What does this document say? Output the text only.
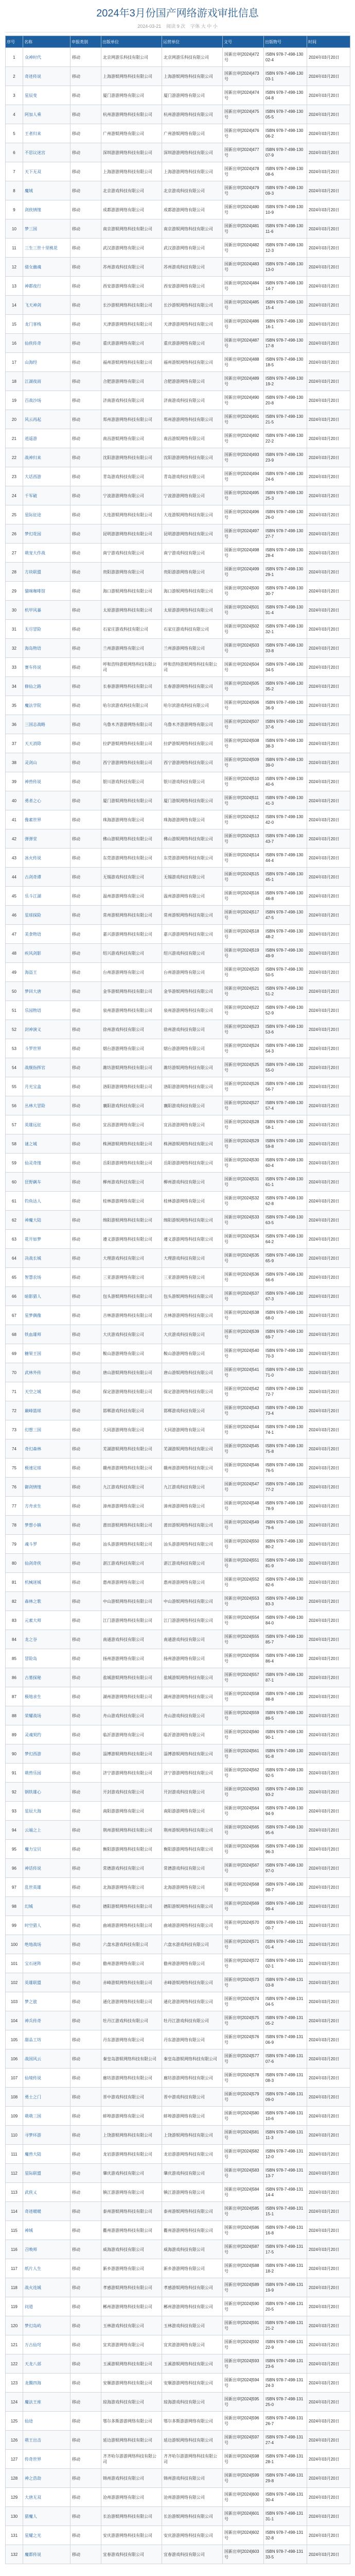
2024年3月份国产网络游戏审批信息
2024-03-21 阅读 9 次 字体 大 中 小
序号	名称	申报类别	出版单位	运营单位	文号	出版物号	时间
1	众神时代	移动	北京网游乐科技有限公司	北京网游乐科技有限公司	国新出审[2024]472号	ISBN 978-7-498-13002-4	2024年03月20日
2	奇迹传说	移动	上海游娱网络科技有限公司	上海游娱网络科技有限公司	国新出审[2024]473号	ISBN 978-7-498-13003-1	2024年03月20日
3	星辰变	移动	厦门游游网络有限公司	厦门游游网络有限公司	国新出审[2024]474号	ISBN 978-7-498-13004-8	2024年03月20日
4	阿加人乘	移动	杭州游游网络科技有限公司	杭州游游网络科技有限公司	国新出审[2024]475号	ISBN 978-7-498-13005-5	2024年03月20日
5	王者归来	移动	广州游娱网络有限公司	广州游娱网络有限公司	国新出审[2024]476号	ISBN 978-7-498-13006-2	2024年03月20日
6	不思议迷宫	移动	深圳游游网络科技有限公司	深圳游游网络科技有限公司	国新出审[2024]477号	ISBN 978-7-498-13007-9	2024年03月20日
7	天下无双	移动	上海游游网络科技有限公司	上海游游网络科技有限公司	国新出审[2024]478号	ISBN 978-7-498-13008-6	2024年03月20日
8	魔域	移动	北京游戏科技有限公司	北京游戏科技有限公司	国新出审[2024]479号	ISBN 978-7-498-13009-3	2024年03月20日
9	剑侠情缘	移动	成都游游网络有限公司	成都游游网络有限公司	国新出审[2024]480号	ISBN 978-7-498-13010-9	2024年03月20日
10	梦三国	移动	南京游娱网络科技有限公司	南京游娱网络科技有限公司	国新出审[2024]481号	ISBN 978-7-498-13011-6	2024年03月20日
11	三生三世十里桃花	移动	武汉游游网络有限公司	武汉游游网络有限公司	国新出审[2024]482号	ISBN 978-7-498-13012-3	2024年03月20日
12	倩女幽魂	移动	苏州游戏科技有限公司	苏州游戏科技有限公司	国新出审[2024]483号	ISBN 978-7-498-13013-0	2024年03月20日
13	神都夜行	移动	西安游游网络有限公司	西安游游网络有限公司	国新出审[2024]484号	ISBN 978-7-498-13014-7	2024年03月20日
14	飞天神剑	移动	长沙游娱网络科技有限公司	长沙游娱网络科技有限公司	国新出审[2024]485号	ISBN 978-7-498-13015-4	2024年03月20日
15	龙门客栈	移动	天津游游网络科技有限公司	天津游游网络科技有限公司	国新出审[2024]486号	ISBN 978-7-498-13016-1	2024年03月20日
16	仙侠传奇	移动	重庆游游网络有限公司	重庆游游网络有限公司	国新出审[2024]487号	ISBN 978-7-498-13017-8	2024年03月20日
17	山海经	移动	福州游娱网络科技有限公司	福州游娱网络科技有限公司	国新出审[2024]488号	ISBN 978-7-498-13018-5	2024年03月20日
18	江湖夜雨	移动	合肥游游网络有限公司	合肥游游网络有限公司	国新出审[2024]489号	ISBN 978-7-498-13019-2	2024年03月20日
19	百战沙场	移动	济南游戏科技有限公司	济南游戏科技有限公司	国新出审[2024]490号	ISBN 978-7-498-13020-8	2024年03月20日
20	风云再起	移动	郑州游游网络科技有限公司	郑州游游网络科技有限公司	国新出审[2024]491号	ISBN 978-7-498-13021-5	2024年03月20日
21	逍遥游	移动	南昌游娱网络有限公司	南昌游娱网络有限公司	国新出审[2024]492号	ISBN 978-7-498-13022-2	2024年03月20日
22	战神归来	移动	沈阳游游网络科技有限公司	沈阳游游网络科技有限公司	国新出审[2024]493号	ISBN 978-7-498-13023-9	2024年03月20日
23	大话西游	移动	青岛游戏科技有限公司	青岛游戏科技有限公司	国新出审[2024]494号	ISBN 978-7-498-13024-6	2024年03月20日
24	千军破	移动	宁波游游网络有限公司	宁波游游网络有限公司	国新出审[2024]495号	ISBN 978-7-498-13025-3	2024年03月20日
25	星际征途	移动	大连游娱网络科技有限公司	大连游娱网络科技有限公司	国新出审[2024]496号	ISBN 978-7-498-13026-0	2024年03月20日
26	梦幻花园	移动	昆明游游网络科技有限公司	昆明游游网络科技有限公司	国新出审[2024]497号	ISBN 978-7-498-13027-7	2024年03月20日
27	萌宠大作战	移动	南宁游戏科技有限公司	南宁游戏科技有限公司	国新出审[2024]498号	ISBN 978-7-498-13028-4	2024年03月20日
28	方块联盟	移动	贵阳游游网络有限公司	贵阳游游网络有限公司	国新出审[2024]499号	ISBN 978-7-498-13029-1	2024年03月20日
29	猫咪咖啡馆	移动	海口游娱网络科技有限公司	海口游娱网络科技有限公司	国新出审[2024]500号	ISBN 978-7-498-13030-7	2024年03月20日
30	机甲风暴	移动	太原游游网络科技有限公司	太原游游网络科技有限公司	国新出审[2024]501号	ISBN 978-7-498-13031-4	2024年03月20日
31	无尽冒险	移动	石家庄游戏科技有限公司	石家庄游戏科技有限公司	国新出审[2024]502号	ISBN 978-7-498-13032-1	2024年03月20日
32	海岛物语	移动	兰州游游网络有限公司	兰州游游网络有限公司	国新出审[2024]503号	ISBN 978-7-498-13033-8	2024年03月20日
33	赛车传说	移动	呼和浩特游娱网络科技有限公司	呼和浩特游娱网络科技有限公司	国新出审[2024]504号	ISBN 978-7-498-13034-5	2024年03月20日
34	修仙之路	移动	长春游游网络科技有限公司	长春游游网络科技有限公司	国新出审[2024]505号	ISBN 978-7-498-13035-2	2024年03月20日
35	魔法学院	移动	哈尔滨游戏科技有限公司	哈尔滨游戏科技有限公司	国新出审[2024]506号	ISBN 978-7-498-13036-9	2024年03月20日
36	三国志战略	移动	乌鲁木齐游游网络有限公司	乌鲁木齐游游网络有限公司	国新出审[2024]507号	ISBN 978-7-498-13037-6	2024年03月20日
37	天天消除	移动	拉萨游娱网络科技有限公司	拉萨游娱网络科技有限公司	国新出审[2024]508号	ISBN 978-7-498-13038-3	2024年03月20日
38	灵剑山	移动	西宁游游网络科技有限公司	西宁游游网络科技有限公司	国新出审[2024]509号	ISBN 978-7-498-13039-0	2024年03月20日
39	神兽传说	移动	银川游戏科技有限公司	银川游戏科技有限公司	国新出审[2024]510号	ISBN 978-7-498-13040-6	2024年03月20日
40	勇者之心	移动	厦门游娱网络科技有限公司	厦门游娱网络科技有限公司	国新出审[2024]511号	ISBN 978-7-498-13041-3	2024年03月20日
41	像素世界	移动	珠海游游网络有限公司	珠海游游网络有限公司	国新出审[2024]512号	ISBN 978-7-498-13042-0	2024年03月20日
42	弹弹堂	移动	佛山游娱网络科技有限公司	佛山游娱网络科技有限公司	国新出审[2024]513号	ISBN 978-7-498-13043-7	2024年03月20日
43	冰火传说	移动	东莞游游网络科技有限公司	东莞游游网络科技有限公司	国新出审[2024]514号	ISBN 978-7-498-13044-4	2024年03月20日
44	古剑奇谭	移动	无锡游戏科技有限公司	无锡游戏科技有限公司	国新出审[2024]515号	ISBN 978-7-498-13045-1	2024年03月20日
45	乐斗江湖	移动	温州游游网络有限公司	温州游游网络有限公司	国新出审[2024]516号	ISBN 978-7-498-13046-8	2024年03月20日
46	星球探险	移动	常州游娱网络科技有限公司	常州游娱网络科技有限公司	国新出审[2024]517号	ISBN 978-7-498-13047-5	2024年03月20日
47	美食物语	移动	嘉兴游游网络科技有限公司	嘉兴游游网络科技有限公司	国新出审[2024]518号	ISBN 978-7-498-13048-2	2024年03月20日
48	疾风剑影	移动	绍兴游戏科技有限公司	绍兴游戏科技有限公司	国新出审[2024]519号	ISBN 978-7-498-13049-9	2024年03月20日
49	海盗王	移动	台州游游网络有限公司	台州游游网络有限公司	国新出审[2024]520号	ISBN 978-7-498-13050-5	2024年03月20日
50	梦回大唐	移动	金华游娱网络科技有限公司	金华游娱网络科技有限公司	国新出审[2024]521号	ISBN 978-7-498-13051-2	2024年03月20日
51	乐园物语	移动	泉州游游网络科技有限公司	泉州游游网络科技有限公司	国新出审[2024]522号	ISBN 978-7-498-13052-9	2024年03月20日
52	封神演义	移动	徐州游戏科技有限公司	徐州游戏科技有限公司	国新出审[2024]523号	ISBN 978-7-498-13053-6	2024年03月20日
53	斗罗世界	移动	烟台游游网络有限公司	烟台游游网络有限公司	国新出审[2024]524号	ISBN 978-7-498-13054-3	2024年03月20日
54	战舰指挥官	移动	潍坊游娱网络科技有限公司	潍坊游娱网络科技有限公司	国新出审[2024]525号	ISBN 978-7-498-13055-0	2024年03月20日
55	月光宝盒	移动	洛阳游游网络科技有限公司	洛阳游游网络科技有限公司	国新出审[2024]526号	ISBN 978-7-498-13056-7	2024年03月20日
56	丛林大冒险	移动	襄阳游戏科技有限公司	襄阳游戏科技有限公司	国新出审[2024]527号	ISBN 978-7-498-13057-4	2024年03月20日
57	英雄远征	移动	宜昌游游网络有限公司	宜昌游游网络有限公司	国新出审[2024]528号	ISBN 978-7-498-13058-1	2024年03月20日
58	谜之城	移动	株洲游娱网络科技有限公司	株洲游娱网络科技有限公司	国新出审[2024]529号	ISBN 978-7-498-13059-8	2024年03月20日
59	仙灵奇缘	移动	岳阳游游网络科技有限公司	岳阳游游网络科技有限公司	国新出审[2024]530号	ISBN 978-7-498-13060-4	2024年03月20日
60	狂野飙车	移动	柳州游戏科技有限公司	柳州游戏科技有限公司	国新出审[2024]531号	ISBN 978-7-498-13061-1	2024年03月20日
61	钓鱼达人	移动	桂林游游网络有限公司	桂林游游网络有限公司	国新出审[2024]532号	ISBN 978-7-498-13062-8	2024年03月20日
62	神魔大陆	移动	绵阳游娱网络科技有限公司	绵阳游娱网络科技有限公司	国新出审[2024]533号	ISBN 978-7-498-13063-5	2024年03月20日
63	花开如梦	移动	遵义游游网络科技有限公司	遵义游游网络科技有限公司	国新出审[2024]534号	ISBN 978-7-498-13064-2	2024年03月20日
64	决战长城	移动	大理游戏科技有限公司	大理游戏科技有限公司	国新出审[2024]535号	ISBN 978-7-498-13065-9	2024年03月20日
65	智慧农场	移动	三亚游游网络有限公司	三亚游游网络有限公司	国新出审[2024]536号	ISBN 978-7-498-13066-6	2024年03月20日
66	暗影猎人	移动	包头游娱网络科技有限公司	包头游娱网络科技有限公司	国新出审[2024]537号	ISBN 978-7-498-13067-3	2024年03月20日
67	星梦偶像	移动	吉林游游网络科技有限公司	吉林游游网络科技有限公司	国新出审[2024]538号	ISBN 978-7-498-13068-0	2024年03月20日
68	铁血雄师	移动	大庆游戏科技有限公司	大庆游戏科技有限公司	国新出审[2024]539号	ISBN 978-7-498-13069-7	2024年03月20日
69	糖果王国	移动	鞍山游游网络有限公司	鞍山游游网络有限公司	国新出审[2024]540号	ISBN 978-7-498-13070-3	2024年03月20日
70	武林外传	移动	唐山游娱网络科技有限公司	唐山游娱网络科技有限公司	国新出审[2024]541号	ISBN 978-7-498-13071-0	2024年03月20日
71	天空之城	移动	保定游游网络科技有限公司	保定游游网络科技有限公司	国新出审[2024]542号	ISBN 978-7-498-13072-7	2024年03月20日
72	巅峰篮球	移动	邯郸游戏科技有限公司	邯郸游戏科技有限公司	国新出审[2024]543号	ISBN 978-7-498-13073-4	2024年03月20日
73	幻想三国	移动	大同游游网络有限公司	大同游游网络有限公司	国新出审[2024]544号	ISBN 978-7-498-13074-1	2024年03月20日
74	奇幻森林	移动	芜湖游娱网络科技有限公司	芜湖游娱网络科技有限公司	国新出审[2024]545号	ISBN 978-7-498-13075-8	2024年03月20日
75	极速足球	移动	赣州游游网络科技有限公司	赣州游游网络科技有限公司	国新出审[2024]546号	ISBN 978-7-498-13076-5	2024年03月20日
76	御剑情缘	移动	九江游戏科技有限公司	九江游戏科技有限公司	国新出审[2024]547号	ISBN 978-7-498-13077-2	2024年03月20日
77	方舟求生	移动	漳州游游网络有限公司	漳州游游网络有限公司	国新出审[2024]548号	ISBN 978-7-498-13078-9	2024年03月20日
78	梦想小镇	移动	莆田游娱网络科技有限公司	莆田游娱网络科技有限公司	国新出审[2024]549号	ISBN 978-7-498-13079-6	2024年03月20日
79	魂斗罗	移动	汕头游游网络科技有限公司	汕头游游网络科技有限公司	国新出审[2024]550号	ISBN 978-7-498-13080-2	2024年03月20日
80	仙剑奇侠	移动	湛江游戏科技有限公司	湛江游戏科技有限公司	国新出审[2024]551号	ISBN 978-7-498-13081-9	2024年03月20日
81	机械迷城	移动	惠州游游网络有限公司	惠州游游网络有限公司	国新出审[2024]552号	ISBN 978-7-498-13082-6	2024年03月20日
82	森林之歌	移动	中山游娱网络科技有限公司	中山游娱网络科技有限公司	国新出审[2024]553号	ISBN 978-7-498-13083-3	2024年03月20日
83	元素大师	移动	江门游游网络科技有限公司	江门游游网络科技有限公司	国新出审[2024]554号	ISBN 978-7-498-13084-0	2024年03月20日
84	龙之谷	移动	南通游戏科技有限公司	南通游戏科技有限公司	国新出审[2024]555号	ISBN 978-7-498-13085-7	2024年03月20日
85	冒险岛	移动	扬州游游网络有限公司	扬州游游网络有限公司	国新出审[2024]556号	ISBN 978-7-498-13086-4	2024年03月20日
86	古墓探秘	移动	盐城游娱网络科技有限公司	盐城游娱网络科技有限公司	国新出审[2024]557号	ISBN 978-7-498-13087-1	2024年03月20日
87	极地求生	移动	湖州游游网络科技有限公司	湖州游游网络科技有限公司	国新出审[2024]558号	ISBN 978-7-498-13088-8	2024年03月20日
88	荣耀战场	移动	舟山游戏科技有限公司	舟山游戏科技有限公司	国新出审[2024]559号	ISBN 978-7-498-13089-5	2024年03月20日
89	灵魂契约	移动	临沂游游网络有限公司	临沂游游网络有限公司	国新出审[2024]560号	ISBN 978-7-498-13090-1	2024年03月20日
90	梦幻西游	移动	淄博游娱网络科技有限公司	淄博游娱网络科技有限公司	国新出审[2024]561号	ISBN 978-7-498-13091-8	2024年03月20日
91	萌兽乐园	移动	济宁游游网络科技有限公司	济宁游游网络科技有限公司	国新出审[2024]562号	ISBN 978-7-498-13092-5	2024年03月20日
92	钢铁雄心	移动	开封游戏科技有限公司	开封游戏科技有限公司	国新出审[2024]563号	ISBN 978-7-498-13093-2	2024年03月20日
93	星辰大海	移动	南阳游游网络有限公司	南阳游游网络有限公司	国新出审[2024]564号	ISBN 978-7-498-13094-9	2024年03月20日
94	云端之上	移动	荆州游娱网络科技有限公司	荆州游娱网络科技有限公司	国新出审[2024]565号	ISBN 978-7-498-13095-6	2024年03月20日
95	魔力宝贝	移动	衡阳游游网络科技有限公司	衡阳游游网络科技有限公司	国新出审[2024]566号	ISBN 978-7-498-13096-3	2024年03月20日
96	神话传说	移动	常德游戏科技有限公司	常德游戏科技有限公司	国新出审[2024]567号	ISBN 978-7-498-13097-0	2024年03月20日
97	乱世英雄	移动	北海游游网络有限公司	北海游游网络有限公司	国新出审[2024]568号	ISBN 978-7-498-13098-7	2024年03月20日
98	幻城	移动	德阳游娱网络科技有限公司	德阳游娱网络科技有限公司	国新出审[2024]569号	ISBN 978-7-498-13099-4	2024年03月20日
99	时空猎人	移动	曲靖游游网络科技有限公司	曲靖游游网络科技有限公司	国新出审[2024]570号	ISBN 978-7-498-13100-7	2024年03月20日
100	绝地战场	移动	六盘水游戏科技有限公司	六盘水游戏科技有限公司	国新出审[2024]571号	ISBN 978-7-498-13101-4	2024年03月20日
101	宝石迷阵	移动	儋州游游网络有限公司	儋州游游网络有限公司	国新出审[2024]572号	ISBN 978-7-498-13102-1	2024年03月20日
102	英雄联盟	移动	赤峰游娱网络科技有限公司	赤峰游娱网络科技有限公司	国新出审[2024]573号	ISBN 978-7-498-13103-8	2024年03月20日
103	梦之旅	移动	通化游游网络科技有限公司	通化游游网络科技有限公司	国新出审[2024]574号	ISBN 978-7-498-13104-5	2024年03月20日
104	神兵传奇	移动	牡丹江游戏科技有限公司	牡丹江游戏科技有限公司	国新出审[2024]575号	ISBN 978-7-498-13105-2	2024年03月20日
105	甜品工坊	移动	丹东游游网络有限公司	丹东游游网络有限公司	国新出审[2024]576号	ISBN 978-7-498-13106-9	2024年03月20日
106	战国风云	移动	秦皇岛游娱网络科技有限公司	秦皇岛游娱网络科技有限公司	国新出审[2024]577号	ISBN 978-7-498-13107-6	2024年03月20日
107	仙境传说	移动	廊坊游游网络科技有限公司	廊坊游游网络科技有限公司	国新出审[2024]578号	ISBN 978-7-498-13108-3	2024年03月20日
108	勇士之门	移动	晋中游戏科技有限公司	晋中游戏科技有限公司	国新出审[2024]579号	ISBN 978-7-498-13109-0	2024年03月20日
109	萌萌三国	移动	蚌埠游游网络有限公司	蚌埠游游网络有限公司	国新出审[2024]580号	ISBN 978-7-498-13110-6	2024年03月20日
110	寻梦环游	移动	上饶游娱网络科技有限公司	上饶游娱网络科技有限公司	国新出审[2024]581号	ISBN 978-7-498-13111-3	2024年03月20日
111	魔兽大陆	移动	龙岩游游网络科技有限公司	龙岩游游网络科技有限公司	国新出审[2024]582号	ISBN 978-7-498-13112-0	2024年03月20日
112	星际联盟	移动	肇庆游戏科技有限公司	肇庆游戏科技有限公司	国新出审[2024]583号	ISBN 978-7-498-13113-7	2024年03月20日
113	武侠乂	移动	镇江游游网络有限公司	镇江游游网络有限公司	国新出审[2024]584号	ISBN 978-7-498-13114-4	2024年03月20日
114	奇迹暖暖	移动	泰州游娱网络科技有限公司	泰州游娱网络科技有限公司	国新出审[2024]585号	ISBN 978-7-498-13115-1	2024年03月20日
115	神域	移动	衢州游游网络科技有限公司	衢州游游网络科技有限公司	国新出审[2024]586号	ISBN 978-7-498-13116-8	2024年03月20日
116	召唤师	移动	威海游戏科技有限公司	威海游戏科技有限公司	国新出审[2024]587号	ISBN 978-7-498-13117-5	2024年03月20日
117	纸片人生	移动	新乡游游网络有限公司	新乡游游网络有限公司	国新出审[2024]588号	ISBN 978-7-498-13118-2	2024年03月20日
118	战火连城	移动	孝感游娱网络科技有限公司	孝感游娱网络科技有限公司	国新出审[2024]589号	ISBN 978-7-498-13119-9	2024年03月20日
119	问道	移动	郴州游游网络科技有限公司	郴州游游网络科技有限公司	国新出审[2024]590号	ISBN 978-7-498-13120-5	2024年03月20日
120	梦幻岛屿	移动	玉林游戏科技有限公司	玉林游戏科技有限公司	国新出审[2024]591号	ISBN 978-7-498-13121-2	2024年03月20日
121	万古仙穹	移动	宜宾游游网络有限公司	宜宾游游网络有限公司	国新出审[2024]592号	ISBN 978-7-498-13122-9	2024年03月20日
122	天龙八部	移动	玉溪游娱网络科技有限公司	玉溪游娱网络科技有限公司	国新出审[2024]593号	ISBN 978-7-498-13123-6	2024年03月20日
123	龙腾四海	移动	安顺游游网络科技有限公司	安顺游游网络科技有限公司	国新出审[2024]594号	ISBN 978-7-498-13124-3	2024年03月20日
124	魔法王座	移动	琼海游戏科技有限公司	琼海游戏科技有限公司	国新出审[2024]595号	ISBN 978-7-498-13125-0	2024年03月20日
125	仙途	移动	鄂尔多斯游游网络有限公司	鄂尔多斯游游网络有限公司	国新出审[2024]596号	ISBN 978-7-498-13126-7	2024年03月20日
126	萌王出击	移动	延边游娱网络科技有限公司	延边游娱网络科技有限公司	国新出审[2024]597号	ISBN 978-7-498-13127-4	2024年03月20日
127	传奇世界	移动	齐齐哈尔游游网络科技有限公司	齐齐哈尔游游网络科技有限公司	国新出审[2024]598号	ISBN 978-7-498-13128-1	2024年03月20日
128	神之浩劫	移动	锦州游戏科技有限公司	锦州游戏科技有限公司	国新出审[2024]599号	ISBN 978-7-498-13129-8	2024年03月20日
129	大唐无双	移动	沧州游游网络有限公司	沧州游游网络有限公司	国新出审[2024]600号	ISBN 978-7-498-13130-4	2024年03月20日
130	猎魔人	移动	长治游娱网络科技有限公司	长治游娱网络科技有限公司	国新出审[2024]601号	ISBN 978-7-498-13131-1	2024年03月20日
131	星耀之光	移动	安庆游游网络科技有限公司	安庆游游网络科技有限公司	国新出审[2024]602号	ISBN 978-7-498-13132-8	2024年03月20日
132	魔都传说	移动	宜春游戏科技有限公司	宜春游戏科技有限公司	国新出审[2024]603号	ISBN 978-7-498-13133-5	2024年03月20日
